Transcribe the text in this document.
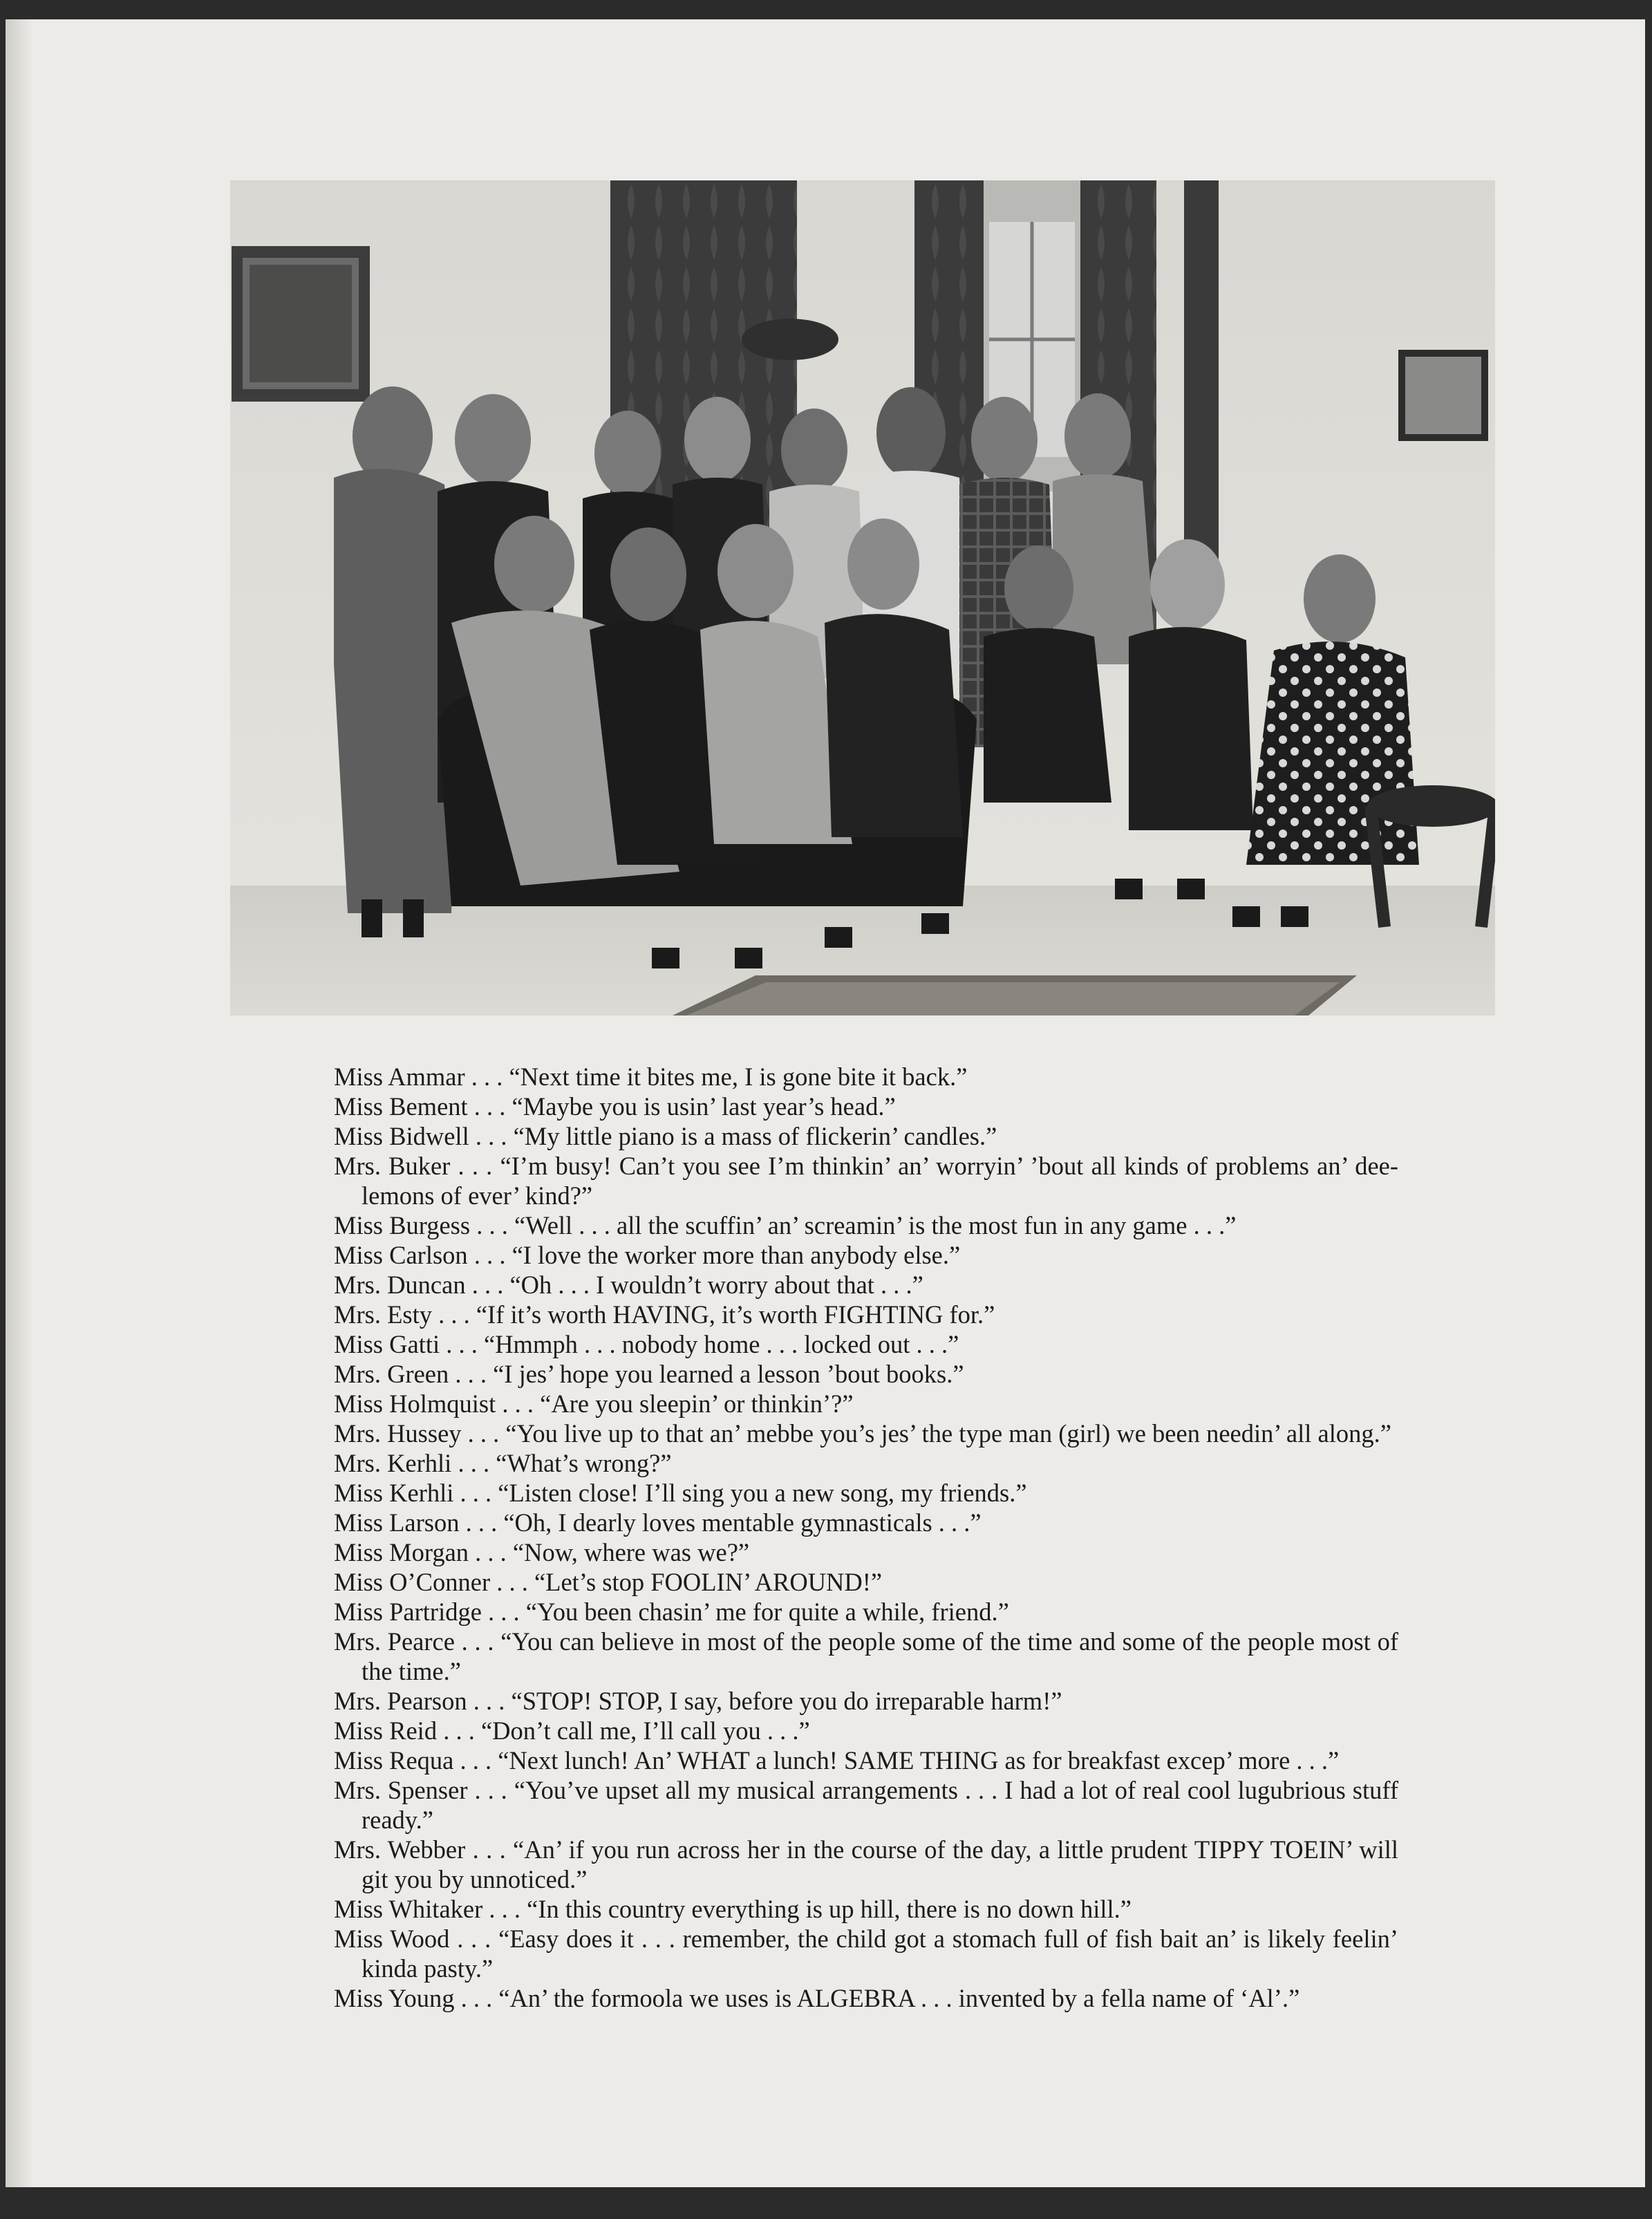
Miss Ammar . . . “Next time it bites me, I is gone bite it back.”

Miss Bement . . . “Maybe you is usin’ last year’s head.”

Miss Bidwell . . . “My little piano is a mass of flickerin’ candles.”

Mrs. Buker . . . “I’m busy! Can’t you see I’m thinkin’ an’ worryin’ ’bout all kinds of problems an’ dee-lemons of ever’ kind?”

Miss Burgess . . . “Well . . . all the scuffin’ an’ screamin’ is the most fun in any game . . .”

Miss Carlson . . . “I love the worker more than anybody else.”

Mrs. Duncan . . . “Oh . . . I wouldn’t worry about that . . .”

Mrs. Esty . . . “If it’s worth HAVING, it’s worth FIGHTING for.”

Miss Gatti . . . “Hmmph . . . nobody home . . . locked out . . .”

Mrs. Green . . . “I jes’ hope you learned a lesson ’bout books.”

Miss Holmquist . . . “Are you sleepin’ or thinkin’?”

Mrs. Hussey . . . “You live up to that an’ mebbe you’s jes’ the type man (girl) we been needin’ all along.”

Mrs. Kerhli . . . “What’s wrong?”

Miss Kerhli . . . “Listen close! I’ll sing you a new song, my friends.”

Miss Larson . . . “Oh, I dearly loves mentable gymnasticals . . .”

Miss Morgan . . . “Now, where was we?”

Miss O’Conner . . . “Let’s stop FOOLIN’ AROUND!”

Miss Partridge . . . “You been chasin’ me for quite a while, friend.”

Mrs. Pearce . . . “You can believe in most of the people some of the time and some of the people most of the time.”

Mrs. Pearson . . . “STOP! STOP, I say, before you do irreparable harm!”

Miss Reid . . . “Don’t call me, I’ll call you . . .”

Miss Requa . . . “Next lunch! An’ WHAT a lunch! SAME THING as for breakfast excep’ more . . .”

Mrs. Spenser . . . “You’ve upset all my musical arrangements . . . I had a lot of real cool lugubrious stuff ready.”

Mrs. Webber . . . “An’ if you run across her in the course of the day, a little prudent TIPPY TOEIN’ will git you by unnoticed.”

Miss Whitaker . . . “In this country everything is up hill, there is no down hill.”

Miss Wood . . . “Easy does it . . . remember, the child got a stomach full of fish bait an’ is likely feelin’ kinda pasty.”

Miss Young . . . “An’ the formoola we uses is ALGEBRA . . . invented by a fella name of ‘Al’.”
